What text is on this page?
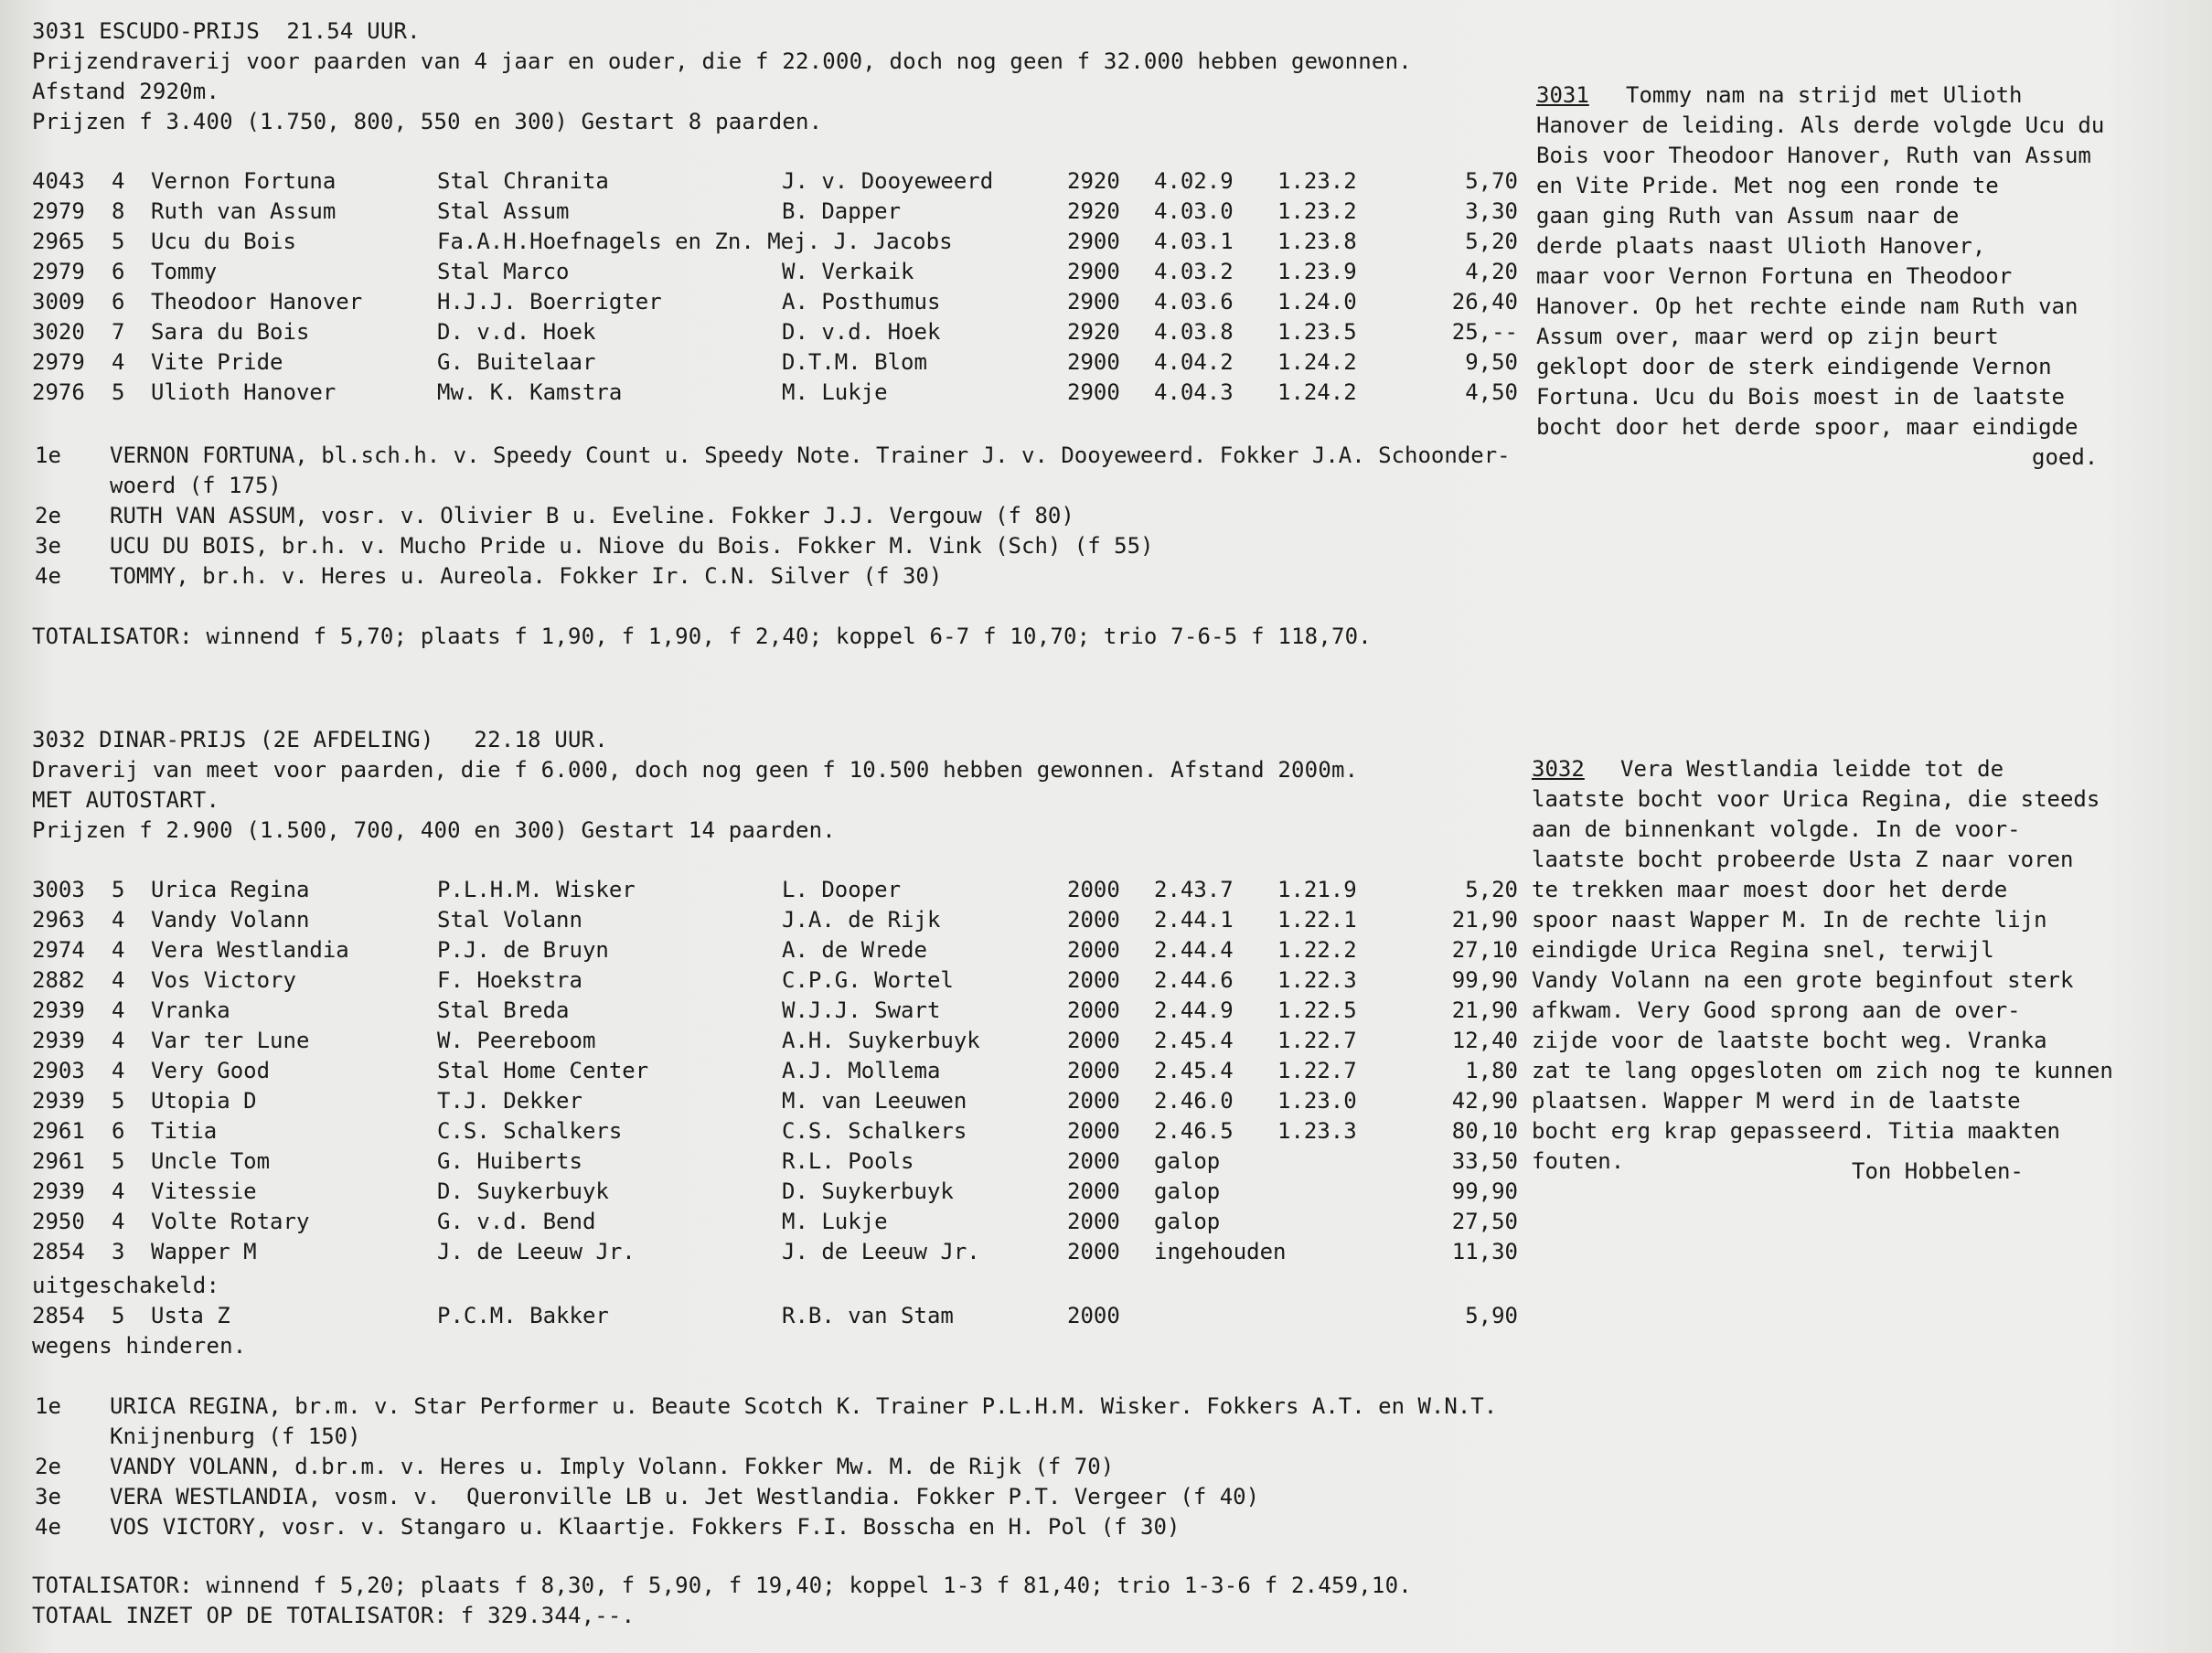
3031 ESCUDO-PRIJS  21.54 UUR.
Prijzendraverij voor paarden van 4 jaar en ouder, die f 22.000, doch nog geen f 32.000 hebben gewonnen.
Afstand 2920m.
Prijzen f 3.400 (1.750, 800, 550 en 300) Gestart 8 paarden.
4043 4 Vernon Fortuna	Stal Chranita	J. v. Dooyeweerd	2920 4.02.9 1.23.2	5,70
2979 8 Ruth van Assum	Stal Assum	B. Dapper	2920 4.03.0 1.23.2	3,30
2965 5 Ucu du Bois	Fa.A.H.Hoefnagels en Zn. Mej. J. Jacobs	2900 4.03.1 1.23.8	5,20
2979 6 Tommy	Stal Marco	W. Verkaik	2900 4.03.2 1.23.9	4,20
3009 6 Theodoor Hanover	H.J.J. Boerrigter	A. Posthumus	2900 4.03.6 1.24.0	26,40
3020 7 Sara du Bois	D. v.d. Hoek	D. v.d. Hoek	2920 4.03.8 1.23.5	25,--
2979 4 Vite Pride	G. Buitelaar	D.T.M. Blom	2900 4.04.2 1.24.2	9,50
2976 5 Ulioth Hanover	Mw. K. Kamstra	M. Lukje	2900 4.04.3 1.24.2	4,50
1e VERNON FORTUNA, bl.sch.h. v. Speedy Count u. Speedy Note. Trainer J. v. Dooyeweerd. Fokker J.A. Schoonder-
woerd (f 175)
2e RUTH VAN ASSUM, vosr. v. Olivier B u. Eveline. Fokker J.J. Vergouw (f 80)
3e UCU DU BOIS, br.h. v. Mucho Pride u. Niove du Bois. Fokker M. Vink (Sch) (f 55)
4e TOMMY, br.h. v. Heres u. Aureola. Fokker Ir. C.N. Silver (f 30)
TOTALISATOR: winnend f 5,70; plaats f 1,90, f 1,90, f 2,40; koppel 6-7 f 10,70; trio 7-6-5 f 118,70.
3031 Tommy nam na strijd met Ulioth
Hanover de leiding. Als derde volgde Ucu du
Bois voor Theodoor Hanover, Ruth van Assum
en Vite Pride. Met nog een ronde te
gaan ging Ruth van Assum naar de
derde plaats naast Ulioth Hanover,
maar voor Vernon Fortuna en Theodoor
Hanover. Op het rechte einde nam Ruth van
Assum over, maar werd op zijn beurt
geklopt door de sterk eindigende Vernon
Fortuna. Ucu du Bois moest in de laatste
bocht door het derde spoor, maar eindigde
goed.
3032 DINAR-PRIJS (2E AFDELING)   22.18 UUR.
Draverij van meet voor paarden, die f 6.000, doch nog geen f 10.500 hebben gewonnen. Afstand 2000m.
MET AUTOSTART.
Prijzen f 2.900 (1.500, 700, 400 en 300) Gestart 14 paarden.
3003 5 Urica Regina	P.L.H.M. Wisker	L. Dooper	2000 2.43.7 1.21.9	5,20
2963 4 Vandy Volann	Stal Volann	J.A. de Rijk	2000 2.44.1 1.22.1	21,90
2974 4 Vera Westlandia	P.J. de Bruyn	A. de Wrede	2000 2.44.4 1.22.2	27,10
2882 4 Vos Victory	F. Hoekstra	C.P.G. Wortel	2000 2.44.6 1.22.3	99,90
2939 4 Vranka	Stal Breda	W.J.J. Swart	2000 2.44.9 1.22.5	21,90
2939 4 Var ter Lune	W. Peereboom	A.H. Suykerbuyk	2000 2.45.4 1.22.7	12,40
2903 4 Very Good	Stal Home Center	A.J. Mollema	2000 2.45.4 1.22.7	1,80
2939 5 Utopia D	T.J. Dekker	M. van Leeuwen	2000 2.46.0 1.23.0	42,90
2961 6 Titia	C.S. Schalkers	C.S. Schalkers	2000 2.46.5 1.23.3	80,10
2961 5 Uncle Tom	G. Huiberts	R.L. Pools	2000 galop	33,50
2939 4 Vitessie	D. Suykerbuyk	D. Suykerbuyk	2000 galop	99,90
2950 4 Volte Rotary	G. v.d. Bend	M. Lukje	2000 galop	27,50
2854 3 Wapper M	J. de Leeuw Jr.	J. de Leeuw Jr.	2000 ingehouden	11,30
uitgeschakeld:
2854 5 Usta Z	P.C.M. Bakker	R.B. van Stam	2000	5,90
wegens hinderen.
1e URICA REGINA, br.m. v. Star Performer u. Beaute Scotch K. Trainer P.L.H.M. Wisker. Fokkers A.T. en W.N.T.
Knijnenburg (f 150)
2e VANDY VOLANN, d.br.m. v. Heres u. Imply Volann. Fokker Mw. M. de Rijk (f 70)
3e VERA WESTLANDIA, vosm. v.  Queronville LB u. Jet Westlandia. Fokker P.T. Vergeer (f 40)
4e VOS VICTORY, vosr. v. Stangaro u. Klaartje. Fokkers F.I. Bosscha en H. Pol (f 30)
TOTALISATOR: winnend f 5,20; plaats f 8,30, f 5,90, f 19,40; koppel 1-3 f 81,40; trio 1-3-6 f 2.459,10.
TOTAAL INZET OP DE TOTALISATOR: f 329.344,--.
3032 Vera Westlandia leidde tot de
laatste bocht voor Urica Regina, die steeds
aan de binnenkant volgde. In de voor-
laatste bocht probeerde Usta Z naar voren
te trekken maar moest door het derde
spoor naast Wapper M. In de rechte lijn
eindigde Urica Regina snel, terwijl
Vandy Volann na een grote beginfout sterk
afkwam. Very Good sprong aan de over-
zijde voor de laatste bocht weg. Vranka
zat te lang opgesloten om zich nog te kunnen
plaatsen. Wapper M werd in de laatste
bocht erg krap gepasseerd. Titia maakten
fouten.	Ton Hobbelen-
